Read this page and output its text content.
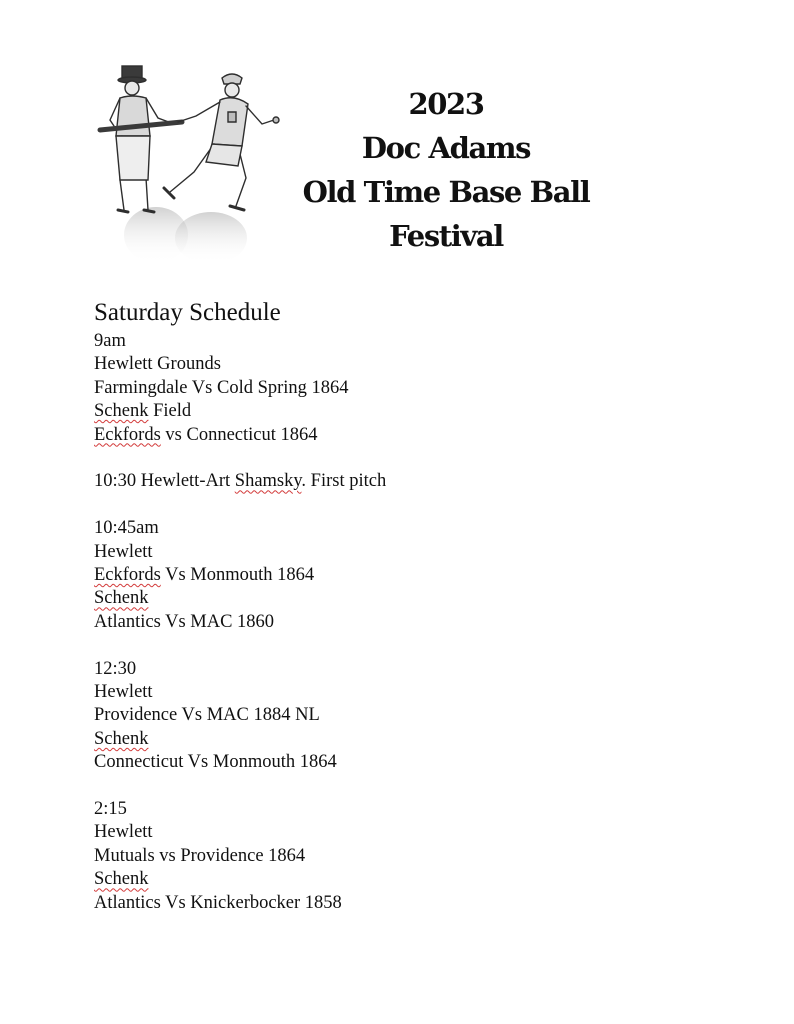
2023
Doc Adams
Old Time Base Ball
Festival
Saturday Schedule
9am
Hewlett Grounds
Farmingdale Vs Cold Spring 1864
Schenk Field
Eckfords vs Connecticut 1864
10:30 Hewlett-Art Shamsky. First pitch
10:45am
Hewlett
Eckfords Vs Monmouth 1864
Schenk
Atlantics Vs MAC 1860
12:30
Hewlett
Providence Vs MAC 1884 NL
Schenk
Connecticut Vs Monmouth 1864
2:15
Hewlett
Mutuals vs Providence 1864
Schenk
Atlantics Vs Knickerbocker 1858
